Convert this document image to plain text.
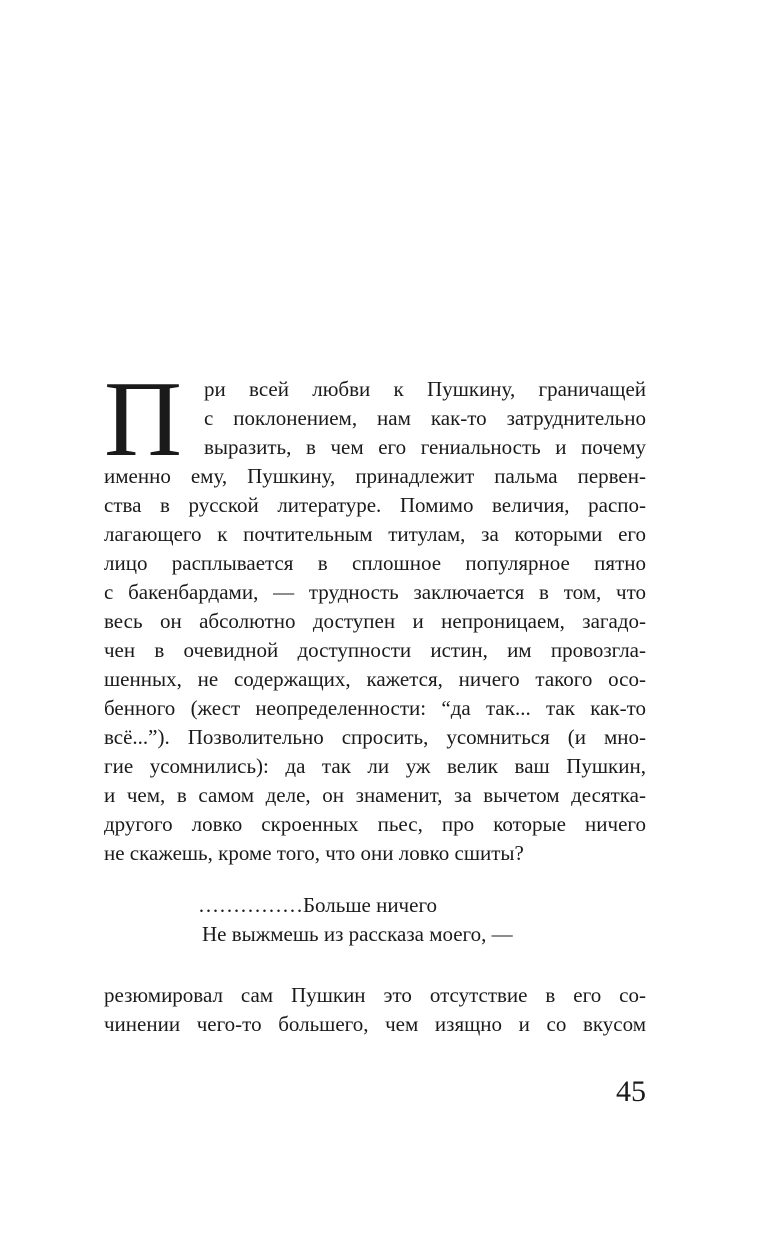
П	ри всей любви к Пушкину, граничащей
с поклонением, нам как-то затруднительно
выразить, в чем его гениальность и почему
именно ему, Пушкину, принадлежит пальма первен-
ства в русской литературе. Помимо величия, распо-
лагающего к почтительным титулам, за которыми его
лицо расплывается в сплошное популярное пятно
с бакенбардами, — трудность заключается в том, что
весь он абсолютно доступен и непроницаем, загадо-
чен в очевидной доступности истин, им провозгла-
шенных, не содержащих, кажется, ничего такого осо-
бенного (жест неопределенности: “да так... так как-то
всё...”). Позволительно спросить, усомниться (и мно-
гие усомнились): да так ли уж велик ваш Пушкин,
и чем, в самом деле, он знаменит, за вычетом десятка-
другого ловко скроенных пьес, про которые ничего
не скажешь, кроме того, что они ловко сшиты?
……………Больше ничего
Не выжмешь из рассказа моего, —
резюмировал сам Пушкин это отсутствие в его со-
чинении чего-то большего, чем изящно и со вкусом
45
